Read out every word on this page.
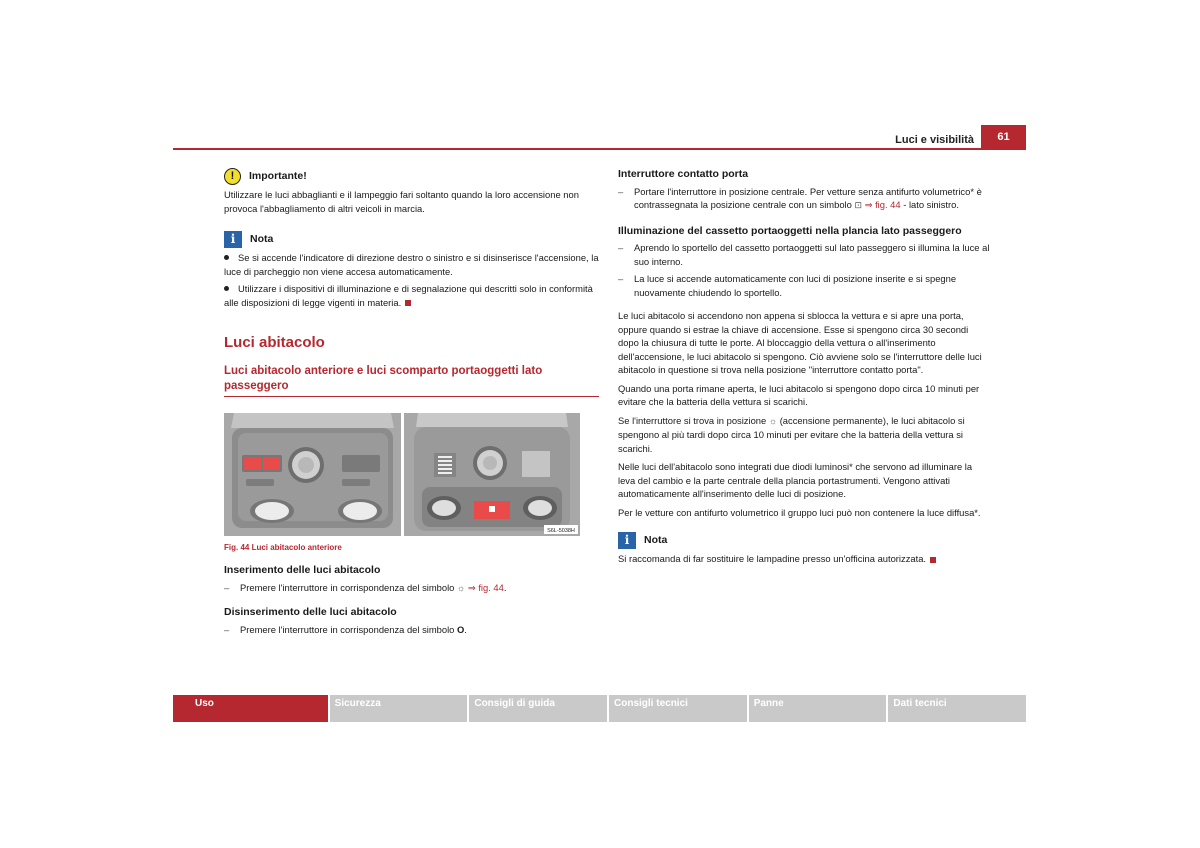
Luci e visibilità	61
!	Importante!

Utilizzare le luci abbaglianti e il lampeggio fari soltanto quando la loro accensione non provoca l'abbagliamento di altri veicoli in marcia.

i Nota

Se si accende l'indicatore di direzione destro o sinistro e si disinserisce l'accensione, la luce di parcheggio non viene accesa automaticamente.

Utilizzare i dispositivi di illuminazione e di segnalazione qui descritti solo in conformità alle disposizioni di legge vigenti in materia.

Luci abitacolo
Luci abitacolo anteriore e luci scomparto portaoggetti lato passeggero
S6L-5038H
Fig. 44 Luci abitacolo anteriore
Inserimento delle luci abitacolo

– Premere l'interruttore in corrispondenza del simbolo ☼ ⇒ fig. 44.

Disinserimento delle luci abitacolo

– Premere l'interruttore in corrispondenza del simbolo O.

Interruttore contatto porta

– Portare l'interruttore in posizione centrale. Per vetture senza antifurto volumetrico* è contrassegnata la posizione centrale con un simbolo ⊡ ⇒ fig. 44 - lato sinistro.

Illuminazione del cassetto portaoggetti nella plancia lato passeggero

– Aprendo lo sportello del cassetto portaoggetti sul lato passeggero si illumina la luce al suo interno.

– La luce si accende automaticamente con luci di posizione inserite e si spegne nuovamente chiudendo lo sportello.

Le luci abitacolo si accendono non appena si sblocca la vettura e si apre una porta, oppure quando si estrae la chiave di accensione. Esse si spengono circa 30 secondi dopo la chiusura di tutte le porte. Al bloccaggio della vettura o all'inserimento dell'accensione, le luci abitacolo si spengono. Ciò avviene solo se l'interruttore delle luci abitacolo in questione si trova nella posizione "interruttore contatto porta".

Quando una porta rimane aperta, le luci abitacolo si spengono dopo circa 10 minuti per evitare che la batteria della vettura si scarichi.

Se l'interruttore si trova in posizione ☼ (accensione permanente), le luci abitacolo si spengono al più tardi dopo circa 10 minuti per evitare che la batteria della vettura si scarichi.

Nelle luci dell'abitacolo sono integrati due diodi luminosi* che servono ad illuminare la leva del cambio e la parte centrale della plancia portastrumenti. Vengono attivati automaticamente all'inserimento delle luci di posizione.

Per le vetture con antifurto volumetrico il gruppo luci può non contenere la luce diffusa*.

i Nota

Si raccomanda di far sostituire le lampadine presso un'officina autorizzata.

Uso	Sicurezza	Consigli di guida	Consigli tecnici	Panne	Dati tecnici
